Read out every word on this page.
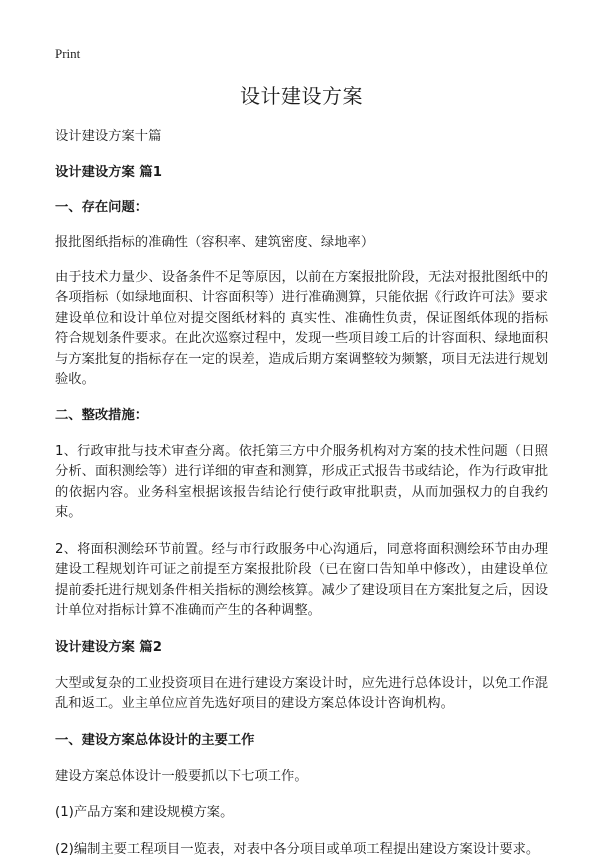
Print
设计建设方案

设计建设方案十篇

设计建设方案 篇1

一、存在问题：

报批图纸指标的准确性（容积率、建筑密度、绿地率）

由于技术力量少、设备条件不足等原因，以前在方案报批阶段，无法对报批图纸中的各项指标（如绿地面积、计容面积等）进行准确测算，只能依据《行政许可法》要求建设单位和设计单位对提交图纸材料的 真实性、准确性负责，保证图纸体现的指标符合规划条件要求。在此次巡察过程中，发现一些项目竣工后的计容面积、绿地面积与方案批复的指标存在一定的误差，造成后期方案调整较为频繁，项目无法进行规划验收。

二、整改措施：

1、行政审批与技术审查分离。依托第三方中介服务机构对方案的技术性问题（日照分析、面积测绘等）进行详细的审查和测算，形成正式报告书或结论，作为行政审批的依据内容。业务科室根据该报告结论行使行政审批职责，从而加强权力的自我约束。

2、将面积测绘环节前置。经与市行政服务中心沟通后，同意将面积测绘环节由办理建设工程规划许可证之前提至方案报批阶段（已在窗口告知单中修改），由建设单位提前委托进行规划条件相关指标的测绘核算。减少了建设项目在方案批复之后，因设计单位对指标计算不准确而产生的各种调整。

设计建设方案 篇2

大型或复杂的工业投资项目在进行建设方案设计时，应先进行总体设计，以免工作混乱和返工。业主单位应首先选好项目的建设方案总体设计咨询机构。

一、建设方案总体设计的主要工作

建设方案总体设计一般要抓以下七项工作。

(1)产品方案和建设规模方案。

(2)编制主要工程项目一览表，对表中各分项目或单项工程提出建设方案设计要求。
